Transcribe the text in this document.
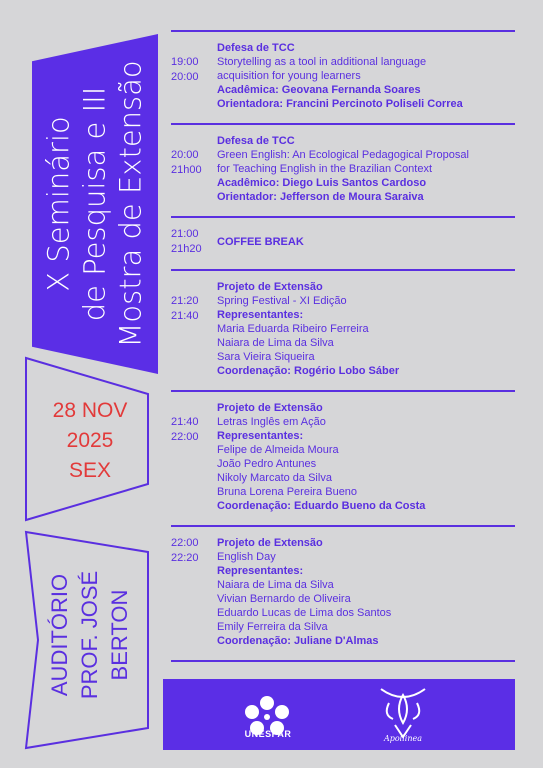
X Seminário de Pesquisa e III Mostra de Extensão
28 NOV
2025
SEX
AUDITÓRIO PROF. JOSÉ BERTON
19:00
20:00
Defesa de TCC
Storytelling as a tool in additional language
acquisition for young learners
Acadêmica: Geovana Fernanda Soares
Orientadora: Francini Percinoto Poliseli Correa
20:00
21h00
Defesa de TCC
Green English: An Ecological Pedagogical Proposal
for Teaching English in the Brazilian Context
Acadêmico: Diego Luis Santos Cardoso
Orientador: Jefferson de Moura Saraiva
21:00
21h20
COFFEE BREAK
21:20
21:40
Projeto de Extensão
Spring Festival - XI Edição
Representantes:
Maria Eduarda Ribeiro Ferreira
Naiara de Lima da Silva
Sara Vieira Siqueira
Coordenação: Rogério Lobo Sáber
21:40
22:00
Projeto de Extensão
Letras Inglês em Ação
Representantes:
Felipe de Almeida Moura
João Pedro Antunes
Nikoly Marcato da Silva
Bruna Lorena Pereira Bueno
Coordenação: Eduardo Bueno da Costa
22:00
22:20
Projeto de Extensão
English Day
Representantes:
Naiara de Lima da Silva
Vivian Bernardo de Oliveira
Eduardo Lucas de Lima dos Santos
Emily Ferreira da Silva
Coordenação: Juliane D'Almas
UNESPAR	Apollinea
